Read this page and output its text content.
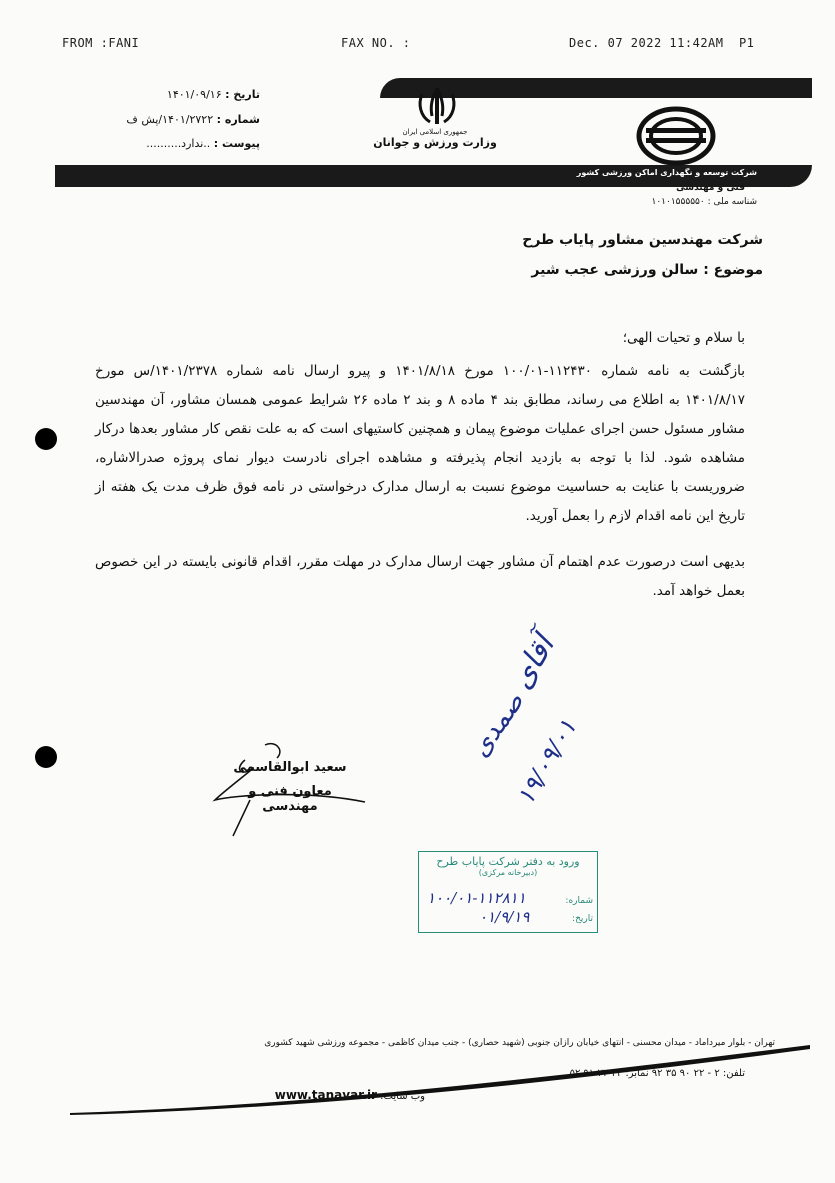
FROM :FANI	FAX NO. :	Dec. 07 2022 11:42AM  P1
تاریخ : ۱۴۰۱/۰۹/۱۶
شماره : ۱۴۰۱/۲۷۲۲/پش ف
پیوست : ..ندارد..........
جمهوری اسلامی ایران
وزارت ورزش و جوانان
شرکت توسعه و نگهداری اماکن ورزشی کشور
فنی و مهندسی
شناسه ملی : ۱۰۱۰۱۵۵۵۵۵۰
شرکت مهندسین مشاور پایاب طرح
موضوع : سالن ورزشی عجب شیر
با سلام و تحیات الهی؛
بازگشت به نامه شماره ۱۱۲۴۳۰-۱۰۰/۰۱ مورخ ۱۴۰۱/۸/۱۸ و پیرو ارسال نامه شماره ۱۴۰۱/۲۳۷۸/س مورخ ۱۴۰۱/۸/۱۷ به اطلاع می رساند، مطابق بند ۴ ماده ۸ و بند ۲ ماده ۲۶ شرایط عمومی همسان مشاور، آن مهندسین مشاور مسئول حسن اجرای عملیات موضوع پیمان و همچنین کاستیهای است که به علت نقص کار مشاور بعدها درکار مشاهده شود. لذا با توجه به بازدید انجام پذیرفته و مشاهده اجرای نادرست دیوار نمای پروژه صدرالاشاره، ضروریست با عنایت به حساسیت موضوع نسبت به ارسال مدارک درخواستی در نامه فوق ظرف مدت یک هفته از تاریخ این نامه اقدام لازم را بعمل آورید.
بدیهی است درصورت عدم اهتمام آن مشاور جهت ارسال مدارک در مهلت مقرر، اقدام قانونی بایسته در این خصوص بعمل خواهد آمد.
سعید ابوالقاسمی
معاون فنی و مهندسی
آقای
صمدی
۱۹/۰۹/۰۱
ورود به دفتر شرکت پایاب طرح
(دبیرخانه مرکزی)
شماره:
۱۰۰/۰۱-۱۱۲۸۱۱
تاریخ:
۰۱/۹/۱۹
تهران - بلوار میرداماد - میدان محسنی - انتهای خیابان رازان جنوبی (شهید حصاری) - جنب میدان کاظمی - مجموعه ورزشی شهید کشوری
تلفن: ۲ - ۲۲ ۹۰ ۳۵ ۹۲ نمابر: ۲۲ ۲۲ ۹۱ ۵۲
وب سایت: www.tanavar.ir
